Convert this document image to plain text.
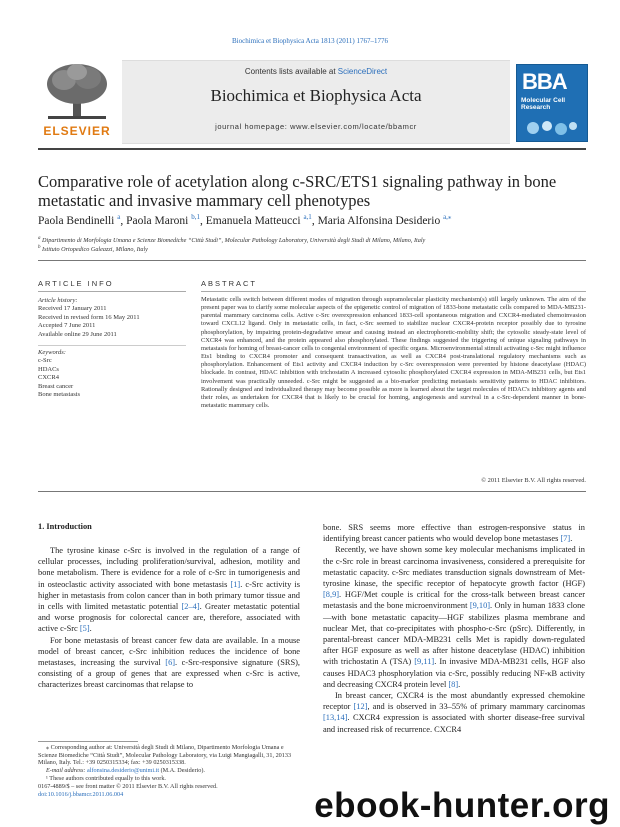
Biochimica et Biophysica Acta 1813 (2011) 1767–1776
ELSEVIER
Contents lists available at ScienceDirect
Biochimica et Biophysica Acta
journal homepage: www.elsevier.com/locate/bbamcr
BBA
Molecular Cell Research
Comparative role of acetylation along c-SRC/ETS1 signaling pathway in bone metastatic and invasive mammary cell phenotypes
Paola Bendinelli $^a$, Paola Maroni $^{b,1}$, Emanuela Matteucci $^{a,1}$, Maria Alfonsina Desiderio $^{a,⁎}$
$^a$ Dipartimento di Morfologia Umana e Scienze Biomediche “Città Studi”, Molecular Pathology Laboratory, Università degli Studi di Milano, Milano, Italy
$^b$ Istituto Ortopedico Galeazzi, Milano, Italy
ARTICLE INFO	ABSTRACT
Article history:
Received 17 January 2011
Received in revised form 16 May 2011
Accepted 7 June 2011
Available online 29 June 2011
Keywords:
c-Src
HDACs
CXCR4
Breast cancer
Bone metastasis
Metastatic cells switch between different modes of migration through supramolecular plasticity mechanism(s) still largely unknown. The aim of the present paper was to clarify some molecular aspects of the epigenetic control of migration of 1833-bone metastatic cells compared to MDA-MB231-parental mammary carcinoma cells. Active c-Src overexpression enhanced 1833-cell spontaneous migration and CXCR4-mediated chemoinvasion toward CXCL12 ligand. Only in metastatic cells, in fact, c-Src seemed to stabilize nuclear CXCR4-protein receptor possibly due to tyrosine phosphorylation, by impairing protein-degradative smear and causing instead an electrophoretic-mobility shift; the cytosolic steady-state level of CXCR4 was enhanced, and the protein appeared also phosphorylated. These findings suggested the triggering of unique signaling pathways in metastasis for homing of breast-cancer cells to congenial environment of specific organs. Microenvironmental stimuli activating c-Src might influence Ets1 binding to CXCR4 promoter and consequent transactivation, as well as CXCR4 post-translational regulatory mechanisms such as phosphorylation. Enhancement of Ets1 activity and CXCR4 induction by c-Src overexpression were prevented by histone deacetylase (HDAC) blockade. In contrast, HDAC inhibition with trichostatin A increased cytosolic phosphorylated CXCR4 expression in MDA-MB231 cells, but Ets1 involvement was practically unneeded. c-Src might be suggested as a bio-marker predicting metastasis sensitivity patterns to HDAC inhibitors. Rationally designed and individualized therapy may become possible as more is learned about the target molecules of HDAC's inhibitory agents and their roles, as undertaken for CXCR4 that is likely to be crucial for homing, angiogenesis and survival in a c-Src-dependent manner in bone-metastatic mammary cells.
© 2011 Elsevier B.V. All rights reserved.
1. Introduction

The tyrosine kinase c-Src is involved in the regulation of a range of cellular processes, including proliferation/survival, adhesion, motility and bone metabolism. There is evidence for a role of c-Src in tumorigenesis and in osteoclastic activity associated with bone metastasis [1]. c-Src activity is higher in metastasis from colon cancer than in both primary tumor tissue and in cells with limited metastatic potential [2–4]. Greater metastatic potential and worse prognosis for colorectal cancer are, therefore, associated with active c-Src [5].

For bone metastasis of breast cancer few data are available. In a mouse model of breast cancer, c-Src inhibition reduces the incidence of bone metastases, increasing the survival [6]. c-Src-responsive signature (SRS), consisting of a group of genes that are expressed when c-Src is active, characterizes breast carcinomas that relapse to

bone. SRS seems more effective than estrogen-responsive status in identifying breast cancer patients who would develop bone metastases [7].

Recently, we have shown some key molecular mechanisms implicated in the c-Src role in breast carcinoma invasiveness, considered a prerequisite for metastatic capacity. c-Src mediates transduction signals downstream of Met-tyrosine kinase, the specific receptor of hepatocyte growth factor (HGF) [8,9]. HGF/Met couple is critical for the cross-talk between breast cancer metastasis and the bone microenvironment [9,10]. Only in human 1833 clone—with bone metastatic capacity—HGF stabilizes plasma membrane and nuclear Met, that co-precipitates with phospho-c-Src (pSrc). Differently, in parental-breast cancer MDA-MB231 cells Met is rapidly down-regulated after HGF exposure as well as after histone deacetylase (HDAC) inhibition with trichostatin A (TSA) [9,11]. In invasive MDA-MB231 cells, HGF also causes HDAC3 phosphorylation via c-Src, possibly reducing NF-κB activity and decreasing CXCR4 protein level [8].

In breast cancer, CXCR4 is the most abundantly expressed chemokine receptor [12], and is observed in 33–55% of primary mammary carcinomas [13,14]. CXCR4 expression is associated with shorter disease-free survival and increased risk of recurrence. CXCR4

⁎ Corresponding author at: Università degli Studi di Milano, Dipartimento Morfologia Umana e Scienze Biomediche “Città Studi”, Molecular Pathology Laboratory, via Luigi Mangiagalli, 31, 20133 Milano, Italy. Tel.: +39 0250315334; fax: +39 0250315338.

E-mail address: alfonsina.desiderio@unimi.it (M.A. Desiderio).

¹ These authors contributed equally to this work.

0167-4889/$ – see front matter © 2011 Elsevier B.V. All rights reserved.
doi:10.1016/j.bbamcr.2011.06.004	ebook-hunter.org
